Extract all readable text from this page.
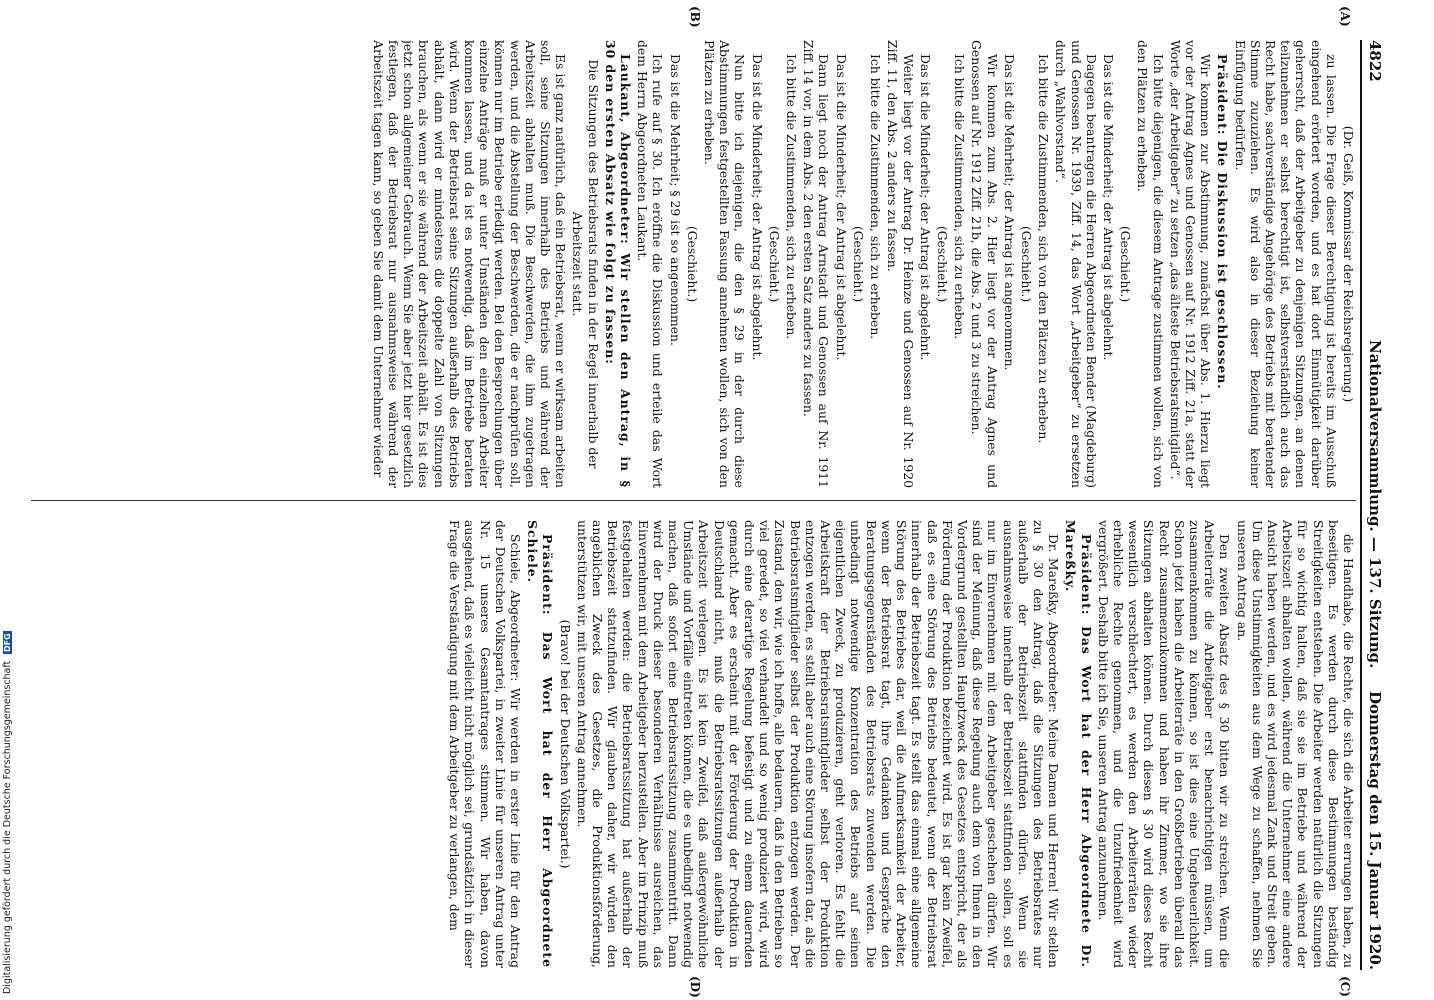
Digitalisierung gefördert durch die Deutsche Forschungsgemeinschaft DFG
4822
Nationalversammlung. — 137. Sitzung.
Donnerstag den 15. Januar 1920.
(A)
(B)
(C)
(D)

(Dr. Geiß, Kommissar der Reichsregierung.)

zu lassen. Die Frage dieser Berechtigung ist bereits im Ausschuß eingehend erörtert worden, und es hat dort Einmütigkeit darüber geherrscht, daß der Arbeitgeber zu denjenigen Sitzungen, an denen teilzunehmen er selbst berechtigt ist, selbstverständlich auch das Recht habe, sachverständige Angehörige des Betriebs mit beratender Stimme zuzuziehen. Es wird also in dieser Beziehung keiner Einfügung bedürfen.

Präsident: Die Diskussion ist geschlossen.

Wir kommen zur Abstimmung, zunächst über Abs. 1. Hierzu liegt vor der Antrag Agnes und Genossen auf Nr. 1912 Ziff. 21a, statt der Worte „der Arbeitgeber“ zu setzen „das älteste Betriebsratsmitglied“.

Ich bitte diejenigen, die diesem Antrage zustimmen wollen, sich von den Plätzen zu erheben.

(Geschieht.)

Das ist die Minderheit; der Antrag ist abgelehnt.

Dagegen beantragen die Herren Abgeordneten Bender (Magdeburg) und Genossen Nr. 1939, Ziff. 14, das Wort „Arbeitgeber“ zu ersetzen durch „Wahlvorstand“.

Ich bitte die Zustimmenden, sich von den Plätzen zu erheben.

(Geschieht.)

Das ist die Mehrheit; der Antrag ist angenommen.

Wir kommen zum Abs. 2. Hier liegt vor der Antrag Agnes und Genossen auf Nr. 1912 Ziff. 21b, die Abs. 2 und 3 zu streichen.

Ich bitte die Zustimmenden, sich zu erheben.

(Geschieht.)

Das ist die Minderheit; der Antrag ist abgelehnt.

Weiter liegt vor der Antrag Dr. Heinze und Genossen auf Nr. 1920 Ziff. 11, den Abs. 2 anders zu fassen.

Ich bitte die Zustimmenden, sich zu erheben.

(Geschieht.)

Das ist die Minderheit; der Antrag ist abgelehnt.

Dann liegt noch der Antrag Arnstadt und Genossen auf Nr. 1911 Ziff. 14 vor, in dem Abs. 2 den ersten Satz anders zu fassen.

Ich bitte die Zustimmenden, sich zu erheben.

(Geschieht.)

Das ist die Minderheit; der Antrag ist abgelehnt.

Nun bitte ich diejenigen, die den § 29 in der durch diese Abstimmungen festgestellten Fassung annehmen wollen, sich von den Plätzen zu erheben.

(Geschieht.)

Das ist die Mehrheit; § 29 ist so angenommen.

Ich rufe auf § 30. Ich eröffne die Diskussion und erteile das Wort dem Herrn Abgeordneten Laukant.

Laukant, Abgeordneter: Wir stellen den Antrag, in § 30 den ersten Absatz wie folgt zu fassen:

Die Sitzungen des Betriebsrats finden in der Regel innerhalb der Arbeitszeit statt.

Es ist ganz natürlich, daß ein Betriebsrat, wenn er wirksam arbeiten soll, seine Sitzungen innerhalb des Betriebs und während der Arbeitszeit abhalten muß. Die Beschwerden, die ihm zugetragen werden, und die Abstellung der Beschwerden, die er nachprüfen soll, können nur im Betriebe erledigt werden. Bei den Besprechungen über einzelne Anträge muß er unter Umständen den einzelnen Arbeiter kommen lassen, und da ist es notwendig, daß im Betriebe beraten wird. Wenn der Betriebsrat seine Sitzungen außerhalb des Betriebs abhält, dann wird er mindestens die doppelte Zahl von Sitzungen brauchen, als wenn er sie während der Arbeitszeit abhält. Es ist dies jetzt schon allgemeiner Gebrauch. Wenn Sie aber jetzt hier gesetzlich festlegen, daß der Betriebsrat nur ausnahmsweise während der Arbeitszeit tagen kann, so geben Sie damit dem Unternehmer wieder

die Handhabe, die Rechte, die sich die Arbeiter errungen haben, zu beseitigen. Es werden durch diese Bestimmungen beständig Streitigkeiten entstehen. Die Arbeiter werden natürlich die Sitzungen für so wichtig halten, daß sie sie im Betriebe und während der Arbeitszeit abhalten wollen, während die Unternehmer eine andere Ansicht haben werden, und es wird jedesmal Zank und Streit geben. Um diese Unstimmigkeiten aus dem Wege zu schaffen, nehmen Sie unseren Antrag an.

Den zweiten Absatz des § 30 bitten wir zu streichen. Wenn die Arbeiterräte die Arbeitgeber erst benachrichtigen müssen, um zusammenkommen zu können, so ist dies eine Ungeheuerlichkeit. Schon jetzt haben die Arbeiterräte in den Großbetrieben überall das Recht zusammenzukommen und haben ihr Zimmer, wo sie ihre Sitzungen abhalten können. Durch diesen § 30 wird dieses Recht wesentlich verschlechtert, es werden den Arbeiterräten wieder erhebliche Rechte genommen, und die Unzufriedenheit wird vergrößert. Deshalb bitte ich Sie, unseren Antrag anzunehmen.

Präsident: Das Wort hat der Herr Abgeordnete Dr. Mareßky.

Dr. Mareßky, Abgeordneter: Meine Damen und Herren! Wir stellen zu § 30 den Antrag, daß die Sitzungen des Betriebsrates nur außerhalb der Betriebszeit stattfinden dürfen. Wenn sie ausnahmsweise innerhalb der Betriebszeit stattfinden sollen, soll es nur im Einvernehmen mit dem Arbeitgeber geschehen dürfen. Wir sind der Meinung, daß diese Regelung auch dem von Ihnen in den Vordergrund gestellten Hauptzweck des Gesetzes entspricht, der als Förderung der Produktion bezeichnet wird. Es ist gar kein Zweifel, daß es eine Störung des Betriebs bedeutet, wenn der Betriebsrat innerhalb der Betriebszeit tagt. Es stellt das einmal eine allgemeine Störung des Betriebes dar, weil die Aufmerksamkeit der Arbeiter, wenn der Betriebsrat tagt, ihre Gedanken und Gespräche den Beratungsgegenständen des Betriebsrats zuwenden werden. Die unbedingt notwendige Konzentration des Betriebs auf seinen eigentlichen Zweck, zu produzieren, geht verloren. Es fehlt die Arbeitskraft der Betriebsratsmitglieder selbst der Produktion entzogen werden, es stellt aber auch eine Störung insofern dar, als die Betriebsratsmitglieder selbst der Produktion entzogen werden. Der Zustand, den wir, wie ich hoffe, alle bedauern, daß in den Betrieben so viel geredet, so viel verhandelt und so wenig produziert wird, wird durch eine derartige Regelung befestigt und zu einem dauernden gemacht. Aber es erscheint mit der Förderung der Produktion in Deutschland nicht, muß die Betriebsratssitzungen außerhalb der Arbeitszeit verlegen. Es ist kein Zweifel, daß außergewöhnliche Umstände und Vorfälle eintreten können, die es unbedingt notwendig machen, daß sofort eine Betriebsratssitzung zusammentritt. Dann wird der Druck dieser besonderen Verhältnisse ausreichen, das Einvernehmen mit dem Arbeitgeber herzustellen. Aber im Prinzip muß festgehalten werden: die Betriebsratssitzung hat außerhalb der Betriebszeit stattzufinden. Wir glauben daher, wir würden den angeblichen Zweck des Gesetzes, die Produktionsförderung, unterstützen wir, mit unseren Antrag annehmen.

(Bravo! bei der Deutschen Volkspartei.)

Präsident: Das Wort hat der Herr Abgeordnete Schiele.

Schiele, Abgeordneter: Wir werden in erster Linie für den Antrag der Deutschen Volkspartei, in zweiter Linie für unseren Antrag unter Nr. 15 unseres Gesamtantrages stimmen. Wir haben, davon ausgehend, daß es vielleicht nicht möglich sei, grundsätzlich in dieser Frage die Verständigung mit dem Arbeitgeber zu verlangen, dem
